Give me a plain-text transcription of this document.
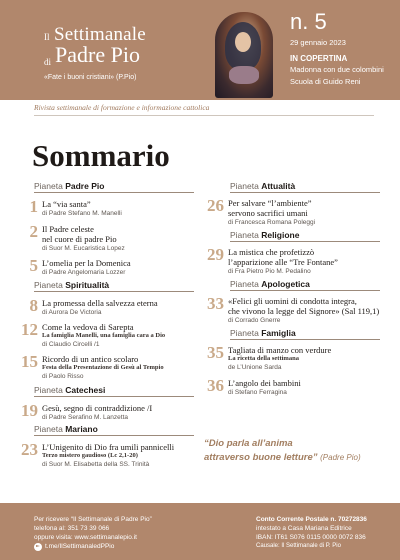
Il Settimanale
di Padre Pio
«Fate i buoni cristiani» (P.Pio)
n. 5
29 gennaio 2023
IN COPERTINA
Madonna con due colombini
Scuola di Guido Reni
Rivista settimanale di formazione e informazione cattolica
Sommario
Pianeta Padre Pio
1 La “via santa”
di Padre Stefano M. Manelli
2 Il Padre celeste
nel cuore di padre Pio
di Suor M. Eucaristica Lopez
5 L’omelia per la Domenica
di Padre Angelomaria Lozzer
Pianeta Spiritualità
8 La promessa della salvezza eterna
di Aurora De Victoria
12 Come la vedova di Sarepta
La famiglia Manelli, una famiglia cara a Dio
di Claudio Circelli /1
15 Ricordo di un antico scolaro
Festa della Presentazione di Gesù al Tempio
di Paolo Risso
Pianeta Catechesi
19 Gesù, segno di contraddizione /I
di Padre Serafino M. Lanzetta
Pianeta Mariano
23 L’Unigenito di Dio fra umili pannicelli
Terzo mistero gaudioso (Lc 2,1-20)
di Suor M. Elisabetta della SS. Trinità
Pianeta Attualità
26 Per salvare “l’ambiente”
servono sacrifici umani
di Francesca Romana Poleggi
Pianeta Religione
29 La mistica che profetizzò
l’apparizione alle “Tre Fontane”
di Fra Pietro Pio M. Pedalino
Pianeta Apologetica
33 «Felici gli uomini di condotta integra,
che vivono la legge del Signore» (Sal 119,1)
di Corrado Gnerre
Pianeta Famiglia
35 Tagliata di manzo con verdure
La ricetta della settimana
de L’Unione Sarda
36 L’angolo dei bambini
di Stefano Ferragina
“Dio parla all’anima
attraverso buone letture” (Padre Pio)
Per ricevere “Il Settimanale di Padre Pio”
telefona al: 351 73 39 066
oppure visita: www.settimanalepio.it
t.me/IlSettimanaledPPio
Conto Corrente Postale n. 70272836
intestato a Casa Mariana Editrice
IBAN: IT61 S076 0115 0000 0072 836
Causale: Il Settimanale di P. Pio
